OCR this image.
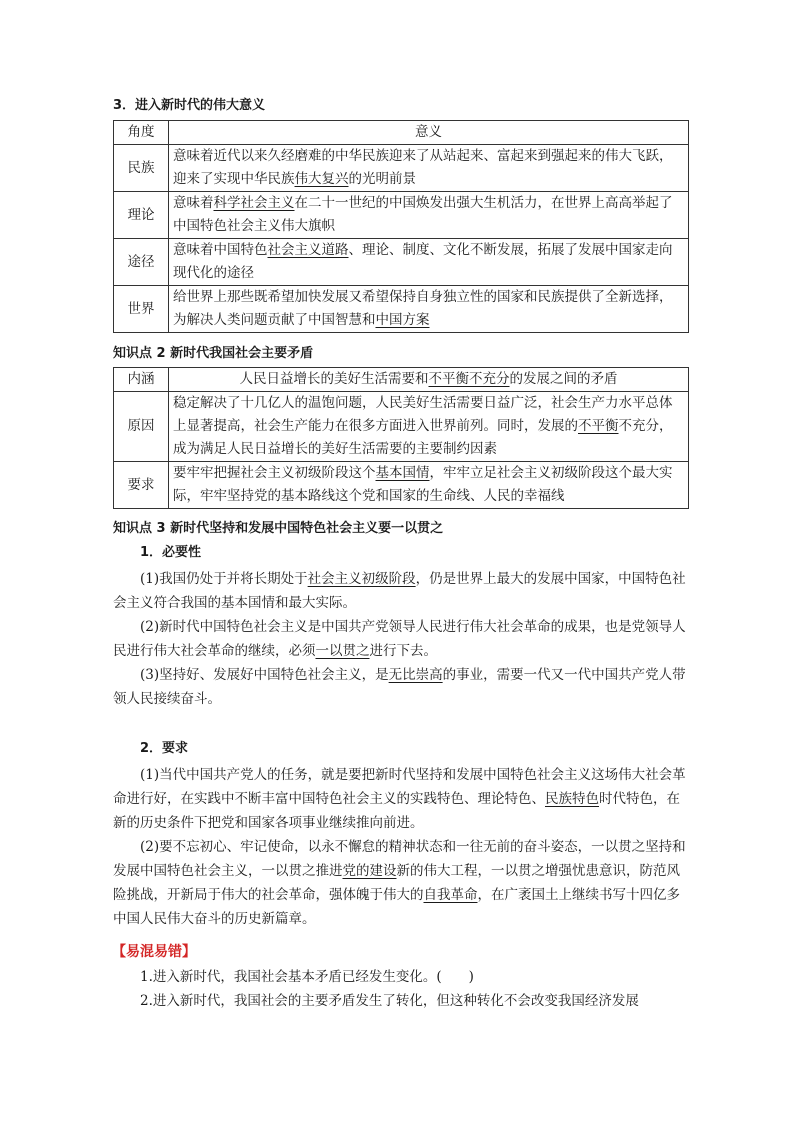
3．进入新时代的伟大意义
角度	意义
民族	意味着近代以来久经磨难的中华民族迎来了从站起来、富起来到强起来的伟大飞跃，迎来了实现中华民族伟大复兴的光明前景
理论	意味着科学社会主义在二十一世纪的中国焕发出强大生机活力，在世界上高高举起了中国特色社会主义伟大旗帜
途径	意味着中国特色社会主义道路、理论、制度、文化不断发展，拓展了发展中国家走向现代化的途径
世界	给世界上那些既希望加快发展又希望保持自身独立性的国家和民族提供了全新选择，为解决人类问题贡献了中国智慧和中国方案
知识点 2 新时代我国社会主要矛盾
内涵	人民日益增长的美好生活需要和不平衡不充分的发展之间的矛盾
原因	稳定解决了十几亿人的温饱问题，人民美好生活需要日益广泛，社会生产力水平总体上显著提高，社会生产能力在很多方面进入世界前列。同时，发展的不平衡不充分，成为满足人民日益增长的美好生活需要的主要制约因素
要求	要牢牢把握社会主义初级阶段这个基本国情，牢牢立足社会主义初级阶段这个最大实际，牢牢坚持党的基本路线这个党和国家的生命线、人民的幸福线
知识点 3 新时代坚持和发展中国特色社会主义要一以贯之
1．必要性

(1)我国仍处于并将长期处于社会主义初级阶段，仍是世界上最大的发展中国家，中国特色社会主义符合我国的基本国情和最大实际。

(2)新时代中国特色社会主义是中国共产党领导人民进行伟大社会革命的成果，也是党领导人民进行伟大社会革命的继续，必须一以贯之进行下去。

(3)坚持好、发展好中国特色社会主义，是无比崇高的事业，需要一代又一代中国共产党人带领人民接续奋斗。

2．要求

(1)当代中国共产党人的任务，就是要把新时代坚持和发展中国特色社会主义这场伟大社会革命进行好，在实践中不断丰富中国特色社会主义的实践特色、理论特色、民族特色时代特色，在新的历史条件下把党和国家各项事业继续推向前进。

(2)要不忘初心、牢记使命，以永不懈怠的精神状态和一往无前的奋斗姿态，一以贯之坚持和发展中国特色社会主义，一以贯之推进党的建设新的伟大工程，一以贯之增强忧患意识，防范风险挑战，开新局于伟大的社会革命，强体魄于伟大的自我革命，在广袤国土上继续书写十四亿多中国人民伟大奋斗的历史新篇章。

【易混易错】

1.进入新时代，我国社会基本矛盾已经发生变化。(　　)

2.进入新时代，我国社会的主要矛盾发生了转化，但这种转化不会改变我国经济发展
